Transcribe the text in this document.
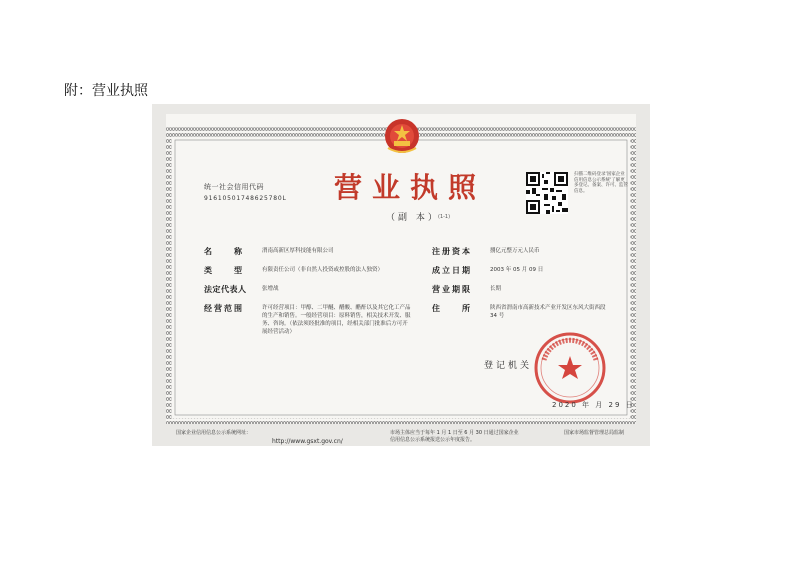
附：营业执照
统一社会信用代码
91610501748625780L 营业执照
（副 本）
(1-1)
扫描二维码登录'国家企业信用信息公示系统'了解更多登记、备案、许可、监管信息。
名　　称	渭南高新区厚科技能有限公司
类　　型	有限责任公司（非自然人投资或控股的法人独资）
法定代表人	张增战
经营范围	许可经营项目：甲醇、二甲醚、醋酸、醋酐以及其它化工产品的生产和销售。一般经营项目：原料销售，相关技术开发、服务、咨询。（依法须经批准的项目，经相关部门批准后方可开展经营活动）
注册资本	捌亿元整万元人民币
成立日期	2003 年 05 月 09 日
营业期限	长期
住　　所	陕西省渭南市高新技术产业开发区东风大街西段 34 号
登记机关
2020 年 月 29 日
国家企业信用信息公示系统网址：
http://www.gsxt.gov.cn/
市场主体应当于每年 1 月 1 日至 6 月 30 日通过国家企业信用信息公示系统报送公示年度报告。
国家市场监督管理总局监制
